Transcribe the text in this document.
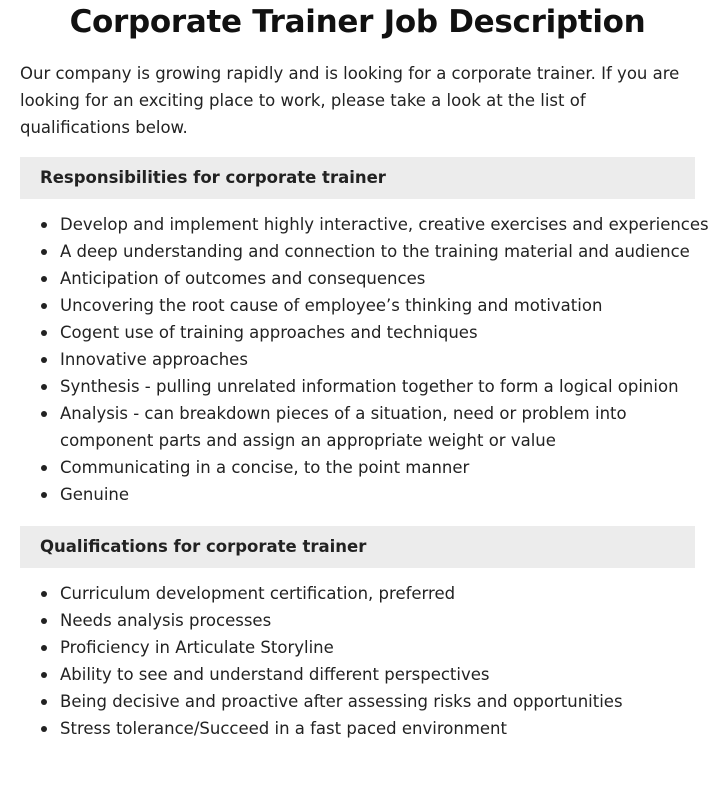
Corporate Trainer Job Description

Our company is growing rapidly and is looking for a corporate trainer. If you are looking for an exciting place to work, please take a look at the list of qualifications below.

Responsibilities for corporate trainer
Develop and implement highly interactive, creative exercises and experiences
A deep understanding and connection to the training material and audience
Anticipation of outcomes and consequences
Uncovering the root cause of employee’s thinking and motivation
Cogent use of training approaches and techniques
Innovative approaches
Synthesis - pulling unrelated information together to form a logical opinion
Analysis - can breakdown pieces of a situation, need or problem into component parts and assign an appropriate weight or value
Communicating in a concise, to the point manner
Genuine
Qualifications for corporate trainer
Curriculum development certification, preferred
Needs analysis processes
Proficiency in Articulate Storyline
Ability to see and understand different perspectives
Being decisive and proactive after assessing risks and opportunities
Stress tolerance/Succeed in a fast paced environment
